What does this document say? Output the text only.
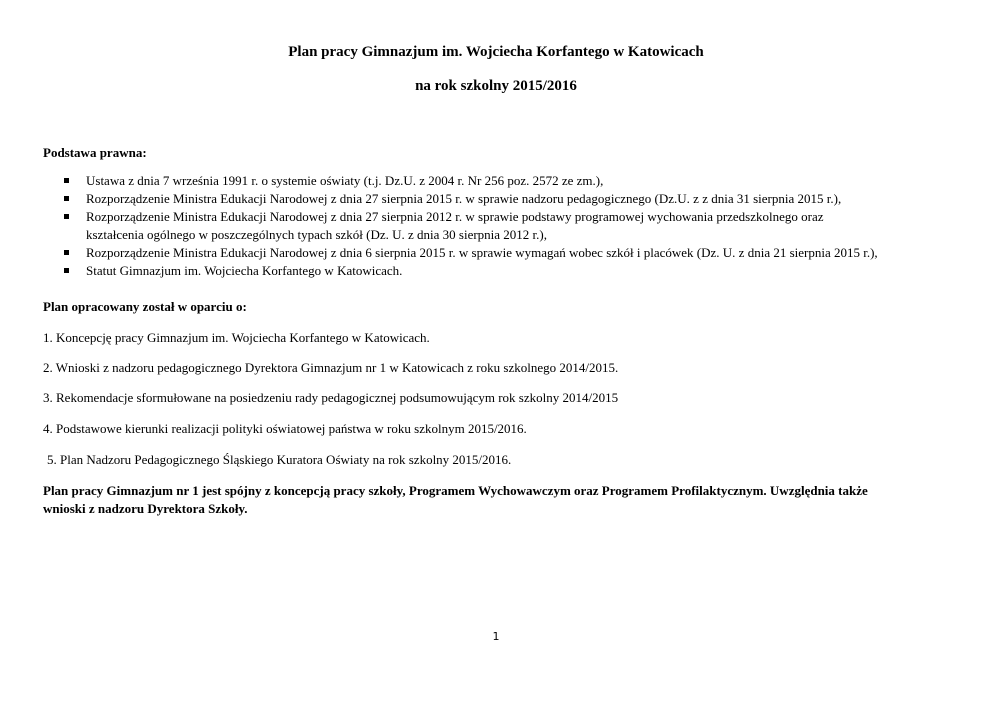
Plan pracy Gimnazjum im. Wojciecha Korfantego w Katowicach
na rok szkolny 2015/2016
Podstawa prawna:
Ustawa z dnia 7 września 1991 r. o systemie oświaty (t.j. Dz.U. z 2004 r. Nr 256 poz. 2572 ze zm.),
Rozporządzenie Ministra Edukacji Narodowej z dnia 27 sierpnia 2015 r. w sprawie nadzoru pedagogicznego (Dz.U. z z dnia 31 sierpnia 2015 r.),
Rozporządzenie Ministra Edukacji Narodowej z dnia 27 sierpnia 2012 r. w sprawie podstawy programowej wychowania przedszkolnego oraz
kształcenia ogólnego w poszczególnych typach szkół (Dz. U. z dnia 30 sierpnia 2012 r.),
Rozporządzenie Ministra Edukacji Narodowej z dnia 6 sierpnia 2015 r. w sprawie wymagań wobec szkół i placówek (Dz. U. z dnia 21 sierpnia 2015 r.),
Statut Gimnazjum im. Wojciecha Korfantego w Katowicach.
Plan opracowany został w oparciu o:
1. Koncepcję pracy Gimnazjum im. Wojciecha Korfantego w Katowicach.
2. Wnioski z nadzoru pedagogicznego Dyrektora Gimnazjum nr 1 w Katowicach z roku szkolnego 2014/2015.
3. Rekomendacje sformułowane na posiedzeniu rady pedagogicznej podsumowującym rok szkolny 2014/2015
4. Podstawowe kierunki realizacji polityki oświatowej państwa w roku szkolnym 2015/2016.
5. Plan Nadzoru Pedagogicznego Śląskiego Kuratora Oświaty na rok szkolny 2015/2016.
Plan pracy Gimnazjum nr 1 jest spójny z koncepcją pracy szkoły, Programem Wychowawczym oraz Programem Profilaktycznym. Uwzględnia także
wnioski z nadzoru Dyrektora Szkoły.
1
